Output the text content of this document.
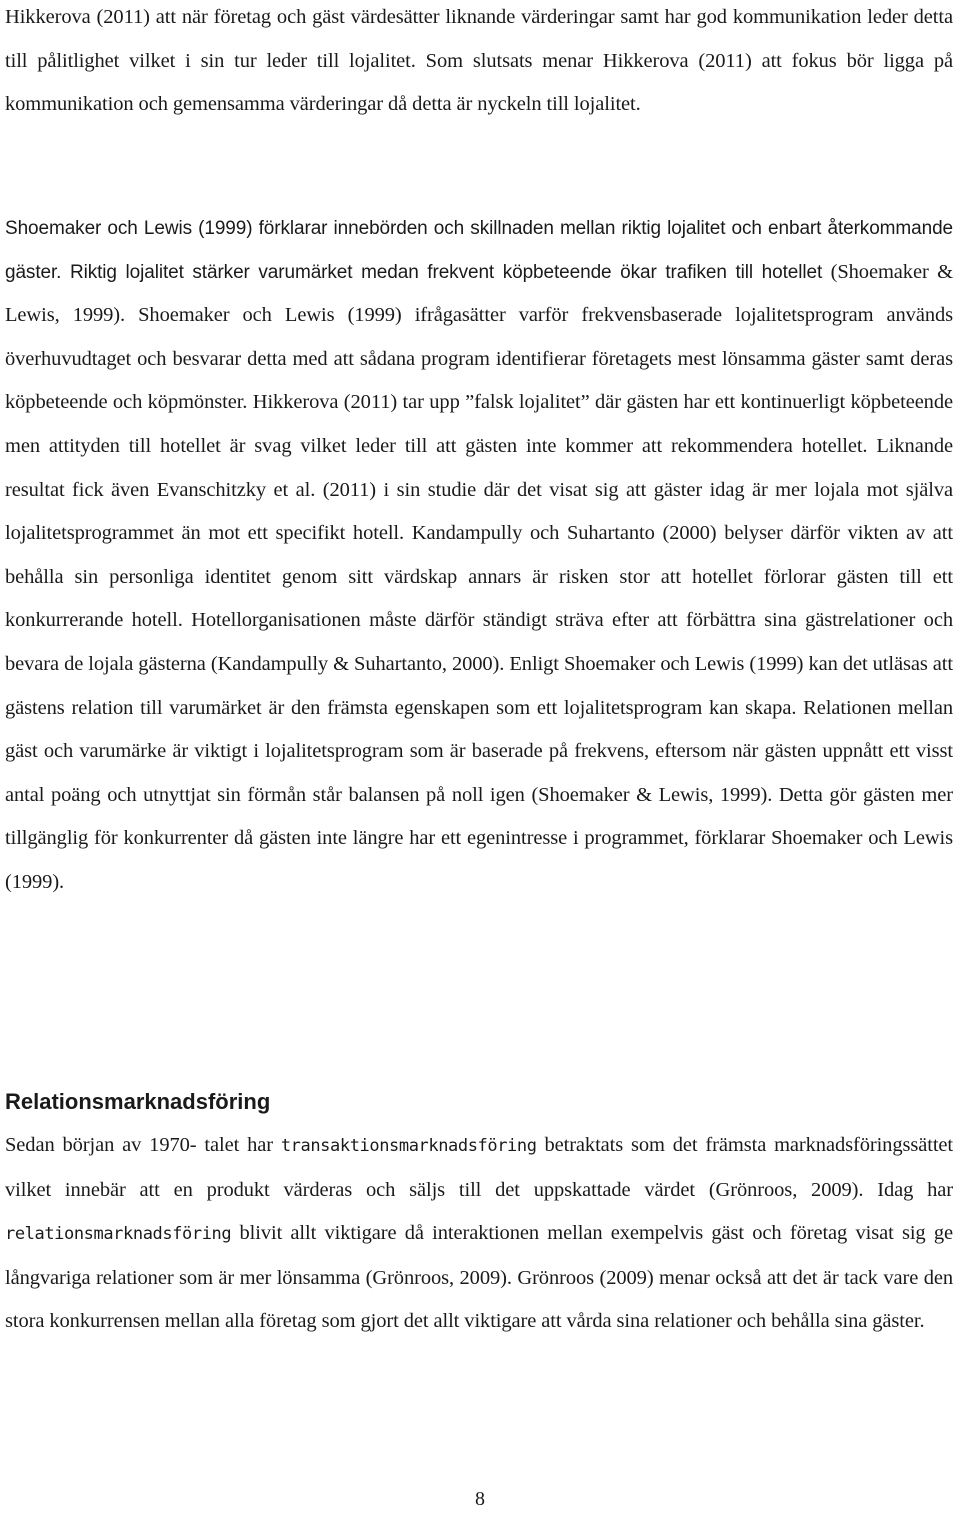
Hikkerova (2011) att när företag och gäst värdesätter liknande värderingar samt har god kommunikation leder detta till pålitlighet vilket i sin tur leder till lojalitet. Som slutsats menar Hikkerova (2011) att fokus bör ligga på kommunikation och gemensamma värderingar då detta är nyckeln till lojalitet.

Shoemaker och Lewis (1999) förklarar innebörden och skillnaden mellan riktig lojalitet och enbart återkommande gäster. Riktig lojalitet stärker varumärket medan frekvent köpbeteende ökar trafiken till hotellet (Shoemaker & Lewis, 1999). Shoemaker och Lewis (1999) ifrågasätter varför frekvensbaserade lojalitetsprogram används överhuvudtaget och besvarar detta med att sådana program identifierar företagets mest lönsamma gäster samt deras köpbeteende och köpmönster. Hikkerova (2011) tar upp ”falsk lojalitet” där gästen har ett kontinuerligt köpbeteende men attityden till hotellet är svag vilket leder till att gästen inte kommer att rekommendera hotellet. Liknande resultat fick även Evanschitzky et al. (2011) i sin studie där det visat sig att gäster idag är mer lojala mot själva lojalitetsprogrammet än mot ett specifikt hotell. Kandampully och Suhartanto (2000) belyser därför vikten av att behålla sin personliga identitet genom sitt värdskap annars är risken stor att hotellet förlorar gästen till ett konkurrerande hotell. Hotellorganisationen måste därför ständigt sträva efter att förbättra sina gästrelationer och bevara de lojala gästerna (Kandampully & Suhartanto, 2000). Enligt Shoemaker och Lewis (1999) kan det utläsas att gästens relation till varumärket är den främsta egenskapen som ett lojalitetsprogram kan skapa. Relationen mellan gäst och varumärke är viktigt i lojalitetsprogram som är baserade på frekvens, eftersom när gästen uppnått ett visst antal poäng och utnyttjat sin förmån står balansen på noll igen (Shoemaker & Lewis, 1999). Detta gör gästen mer tillgänglig för konkurrenter då gästen inte längre har ett egenintresse i programmet, förklarar Shoemaker och Lewis (1999).

Relationsmarknadsföring

Sedan början av 1970- talet har transaktionsmarknadsföring betraktats som det främsta marknadsföringssättet vilket innebär att en produkt värderas och säljs till det uppskattade värdet (Grönroos, 2009). Idag har relationsmarknadsföring blivit allt viktigare då interaktionen mellan exempelvis gäst och företag visat sig ge långvariga relationer som är mer lönsamma (Grönroos, 2009). Grönroos (2009) menar också att det är tack vare den stora konkurrensen mellan alla företag som gjort det allt viktigare att vårda sina relationer och behålla sina gäster.

8
